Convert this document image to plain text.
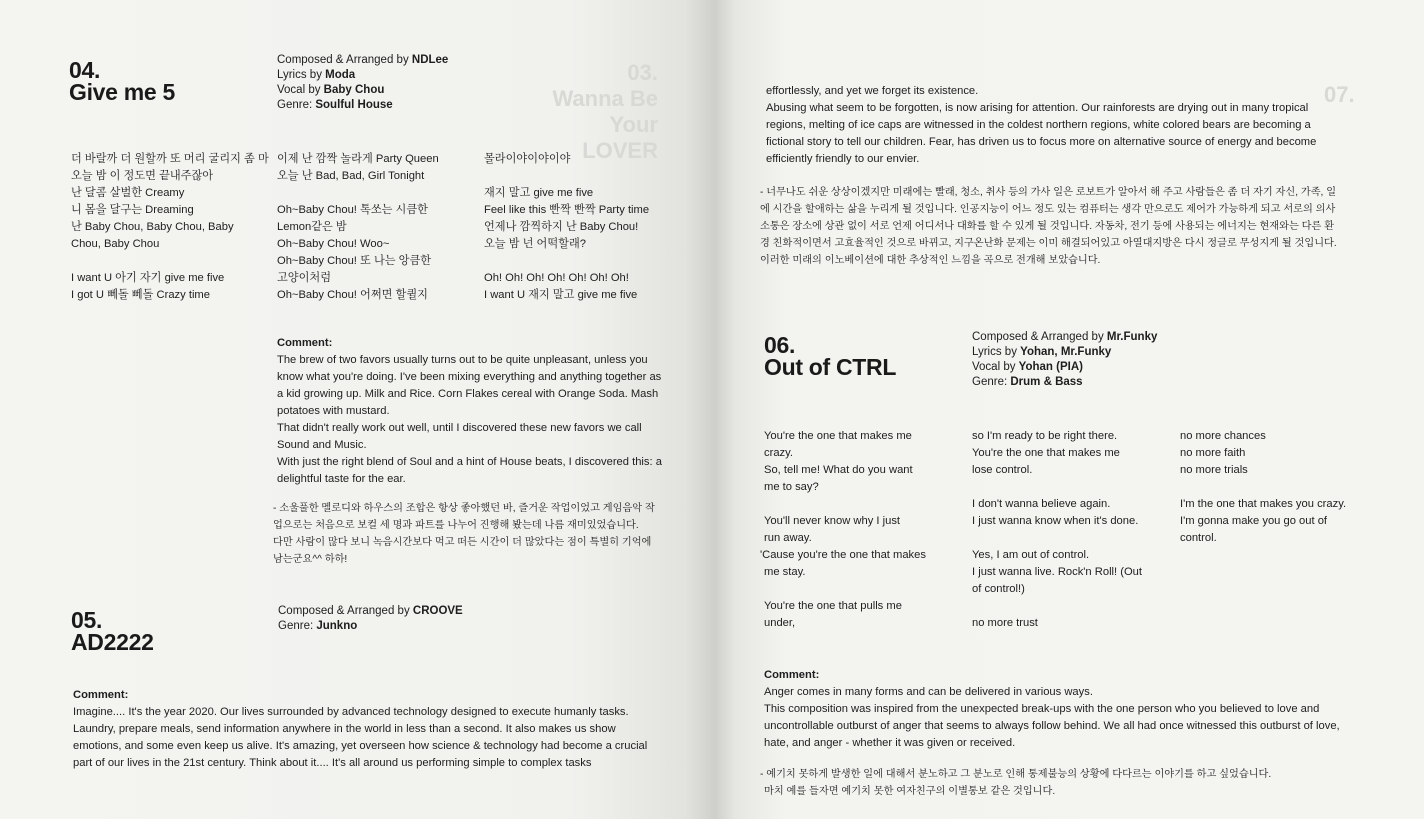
03.
Wanna Be
Your LOVER
04.
Give me 5
Composed & Arranged by NDLee
Lyrics by Moda
Vocal by Baby Chou
Genre: Soulful House
더 바랄까 더 원할까 또 머리 굴리지 좀 마
오늘 밤 이 정도면 끝내주잖아
난 달콤 살벌한 Creamy
니 몸을 달구는 Dreaming
난 Baby Chou, Baby Chou, Baby
Chou, Baby Chou
I want U 아기 자기 give me five
I got U 뻬돌 뻬돌 Crazy time
이제 난 깜짝 놀라게 Party Queen
오늘 난 Bad, Bad, Girl Tonight
Oh~Baby Chou! 톡쏘는 시큼한
Lemon같은 밤
Oh~Baby Chou! Woo~
Oh~Baby Chou! 또 나는 앙큼한
고양이처럼
Oh~Baby Chou! 어쩌면 할퀼지
몰라이야이야이야
재지 말고 give me five
Feel like this 빤짝 빤짝 Party time
언제나 깜찍하지 난 Baby Chou!
오늘 밤 넌 어떡할래?
Oh! Oh! Oh! Oh! Oh! Oh! Oh!
I want U 재지 말고 give me five
Comment:

The brew of two favors usually turns out to be quite unpleasant, unless you know what you're doing. I've been mixing everything and anything together as a kid growing up. Milk and Rice. Corn Flakes cereal with Orange Soda. Mash potatoes with mustard.

That didn't really work out well, until I discovered these new favors we call Sound and Music.

With just the right blend of Soul and a hint of House beats, I discovered this: a delightful taste for the ear.

- 소울풀한 멜로디와 하우스의 조합은 항상 좋아했던 바, 즐거운 작업이었고 게임음악 작업으로는 처음으로 보컬 세 명과 파트를 나누어 진행해 봤는데 나름 재미있었습니다.

다만 사람이 많다 보니 녹음시간보다 먹고 떠든 시간이 더 많았다는 점이 특별히 기억에 남는군요^^ 하하!

05.
AD2222
Composed & Arranged by CROOVE
Genre: Junkno
Comment:

Imagine.... It's the year 2020. Our lives surrounded by advanced technology designed to execute humanly tasks. Laundry, prepare meals, send information anywhere in the world in less than a second. It also makes us show emotions, and some even keep us alive. It's amazing, yet overseen how science & technology had become a crucial part of our lives in the 21st century. Think about it.... It's all around us performing simple to complex tasks

07.

effortlessly, and yet we forget its existence.

Abusing what seem to be forgotten, is now arising for attention. Our rainforests are drying out in many tropical regions, melting of ice caps are witnessed in the coldest northern regions, white colored bears are becoming a fictional story to tell our children. Fear, has driven us to focus more on alternative source of energy and become efficiently friendly to our envier.

- 너무나도 쉬운 상상이겠지만 미래에는 빨래, 청소, 취사 등의 가사 일은 로보트가 알아서 해 주고 사람들은 좀 더 자기 자신, 가족, 일에 시간을 할애하는 삶을 누리게 될 것입니다. 인공지능이 어느 정도 있는 컴퓨터는 생각 만으로도 제어가 가능하게 되고 서로의 의사 소통은 장소에 상관 없이 서로 언제 어디서나 대화를 할 수 있게 될 것입니다. 자동차, 전기 등에 사용되는 에너지는 현재와는 다른 환경 친화적이면서 고효율적인 것으로 바뀌고, 지구온난화 문제는 이미 해결되어있고 아열대지방은 다시 정글로 무성지게 될 것입니다. 이러한 미래의 이노베이션에 대한 추상적인 느낌을 곡으로 전개해 보았습니다.

06.
Out of CTRL
Composed & Arranged by Mr.Funky
Lyrics by Yohan, Mr.Funky
Vocal by Yohan (PIA)
Genre: Drum & Bass
You're the one that makes me
crazy.
So, tell me! What do you want
me to say?
You'll never know why I just
run away.
'Cause you're the one that makes
me stay.
You're the one that pulls me
under,
so I'm ready to be right there.
You're the one that makes me
lose control.
I don't wanna believe again.
I just wanna know when it's done.
Yes, I am out of control.
I just wanna live. Rock'n Roll! (Out
of control!)
no more trust
no more chances
no more faith
no more trials
I'm the one that makes you crazy.
I'm gonna make you go out of
control.
Comment:

Anger comes in many forms and can be delivered in various ways.

This composition was inspired from the unexpected break-ups with the one person who you believed to love and uncontrollable outburst of anger that seems to always follow behind. We all had once witnessed this outburst of love, hate, and anger - whether it was given or received.

- 예기치 못하게 발생한 일에 대해서 분노하고 그 분노로 인해 통제불능의 상황에 다다르는 이야기를 하고 싶었습니다.

마치 예를 들자면 예기치 못한 여자친구의 이별통보 같은 것입니다.
